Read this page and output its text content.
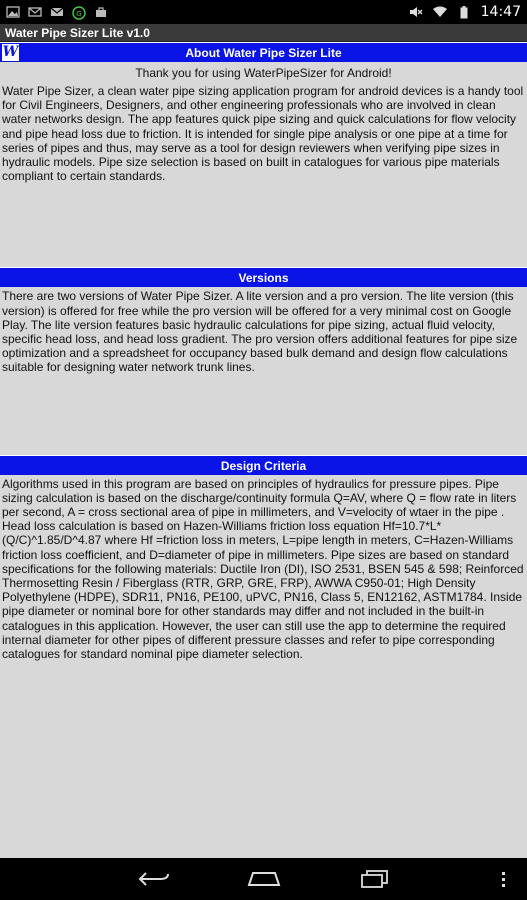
G	14:47
Water Pipe Sizer Lite v1.0
W	About Water Pipe Sizer Lite
Thank you for using WaterPipeSizer for Android!
Water Pipe Sizer, a clean water pipe sizing application program for android devices is a handy tool for Civil Engineers, Designers, and other engineering professionals who are involved in clean water networks design. The app features quick pipe sizing and quick calculations for flow velocity and pipe head loss due to friction. It is intended for single pipe analysis or one pipe at a time for series of pipes and thus, may serve as a tool for design reviewers when verifying pipe sizes in hydraulic models. Pipe size selection is based on built in catalogues for various pipe materials compliant to certain standards.
Versions
There are two versions of Water Pipe Sizer. A lite version and a pro version. The lite version (this version) is offered for free while the pro version will be offered for a very minimal cost on Google Play. The lite version features basic hydraulic calculations for pipe sizing, actual fluid velocity, specific head loss, and head loss gradient. The pro version offers additional features for pipe size optimization and a spreadsheet for occupancy based bulk demand and design flow calculations suitable for designing water network trunk lines.
Design Criteria
Algorithms used in this program are based on principles of hydraulics for pressure pipes. Pipe sizing calculation is based on the discharge/continuity formula Q=AV, where Q = flow rate in liters per second, A = cross sectional area of pipe in millimeters, and V=velocity of wtaer in the pipe . Head loss calculation is based on Hazen-Williams friction loss equation Hf=10.7*L*(Q/C)^1.85/D^4.87 where Hf =friction loss in meters, L=pipe length in meters, C=Hazen-Williams friction loss coefficient, and D=diameter of pipe in millimeters. Pipe sizes are based on standard specifications for the following materials: Ductile Iron (DI), ISO 2531, BSEN 545 & 598; Reinforced Thermosetting Resin / Fiberglass (RTR, GRP, GRE, FRP), AWWA C950-01; High Density Polyethylene (HDPE), SDR11, PN16, PE100, uPVC, PN16, Class 5, EN12162, ASTM1784. Inside pipe diameter or nominal bore for other standards may differ and not included in the built-in catalogues in this application. However, the user can still use the app to determine the required internal diameter for other pipes of different pressure classes and refer to pipe corresponding catalogues for standard nominal pipe diameter selection.
